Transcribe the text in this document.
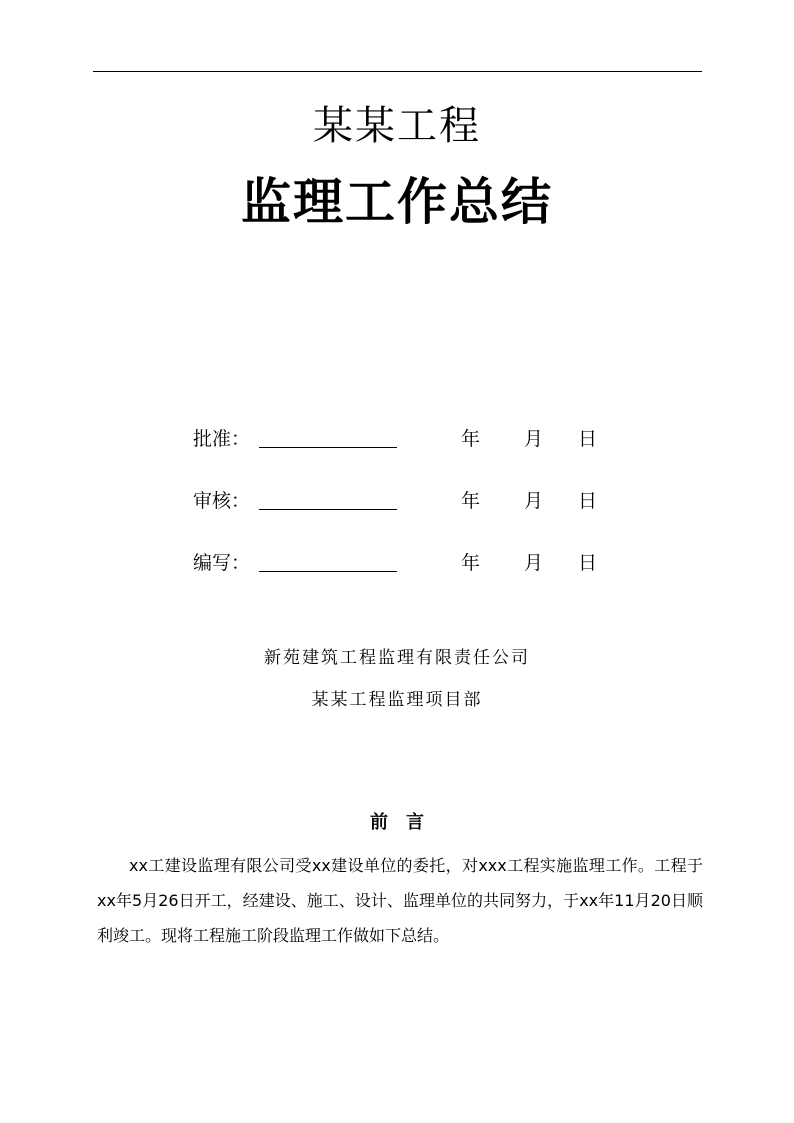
某某工程
监理工作总结
批准：	年 月 日
审核：	年 月 日
编写：	年 月 日
新苑建筑工程监理有限责任公司
某某工程监理项目部
前　言
xx工建设监理有限公司受xx建设单位的委托，对xxx工程实施监理工作。工程于xx年5月26日开工，经建设、施工、设计、监理单位的共同努力，于xx年11月20日顺利竣工。现将工程施工阶段监理工作做如下总结。
